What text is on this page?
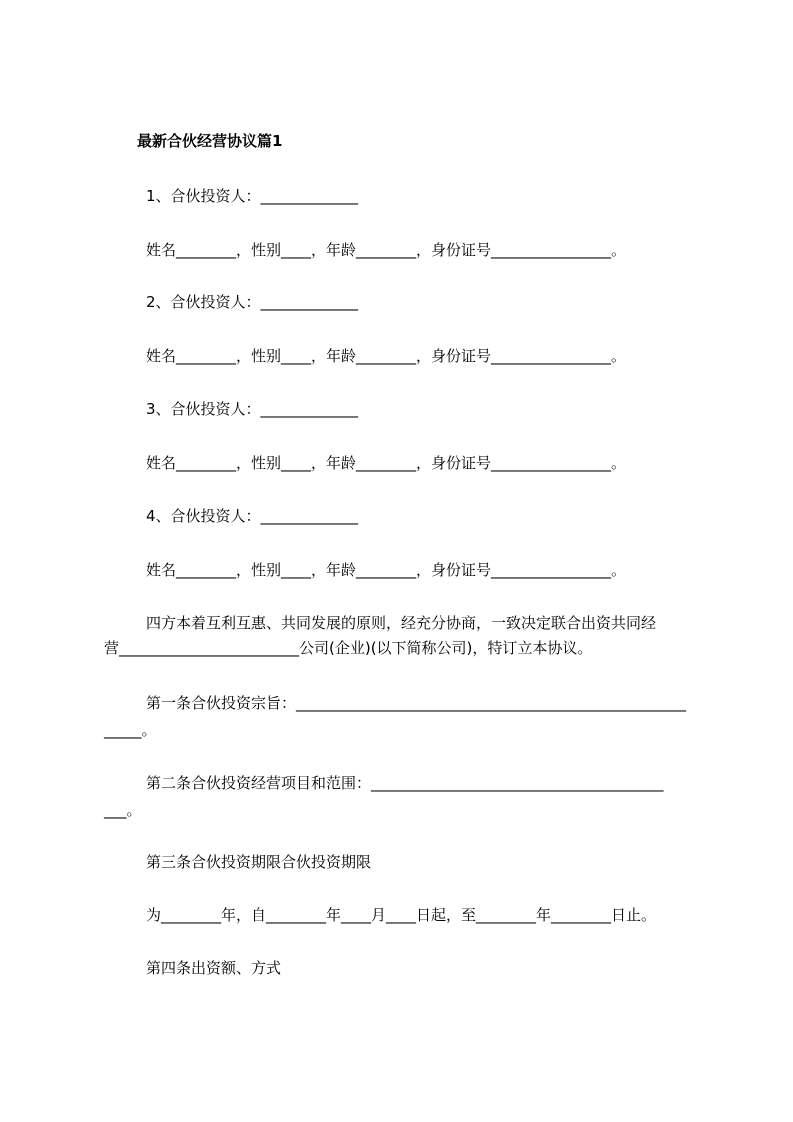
最新合伙经营协议篇1
1、合伙投资人：_____________
姓名________，性别____，年龄________，身份证号________________。
2、合伙投资人：_____________
姓名________，性别____，年龄________，身份证号________________。
3、合伙投资人：_____________
姓名________，性别____，年龄________，身份证号________________。
4、合伙投资人：_____________
姓名________，性别____，年龄________，身份证号________________。
四方本着互利互惠、共同发展的原则，经充分协商，一致决定联合出资共同经
营________________________公司(企业)(以下简称公司)，特订立本协议。
第一条合伙投资宗旨：____________________________________________________
_____。
第二条合伙投资经营项目和范围：_______________________________________
___。
第三条合伙投资期限合伙投资期限
为________年，自________年____月____日起，至________年________日止。
第四条出资额、方式
